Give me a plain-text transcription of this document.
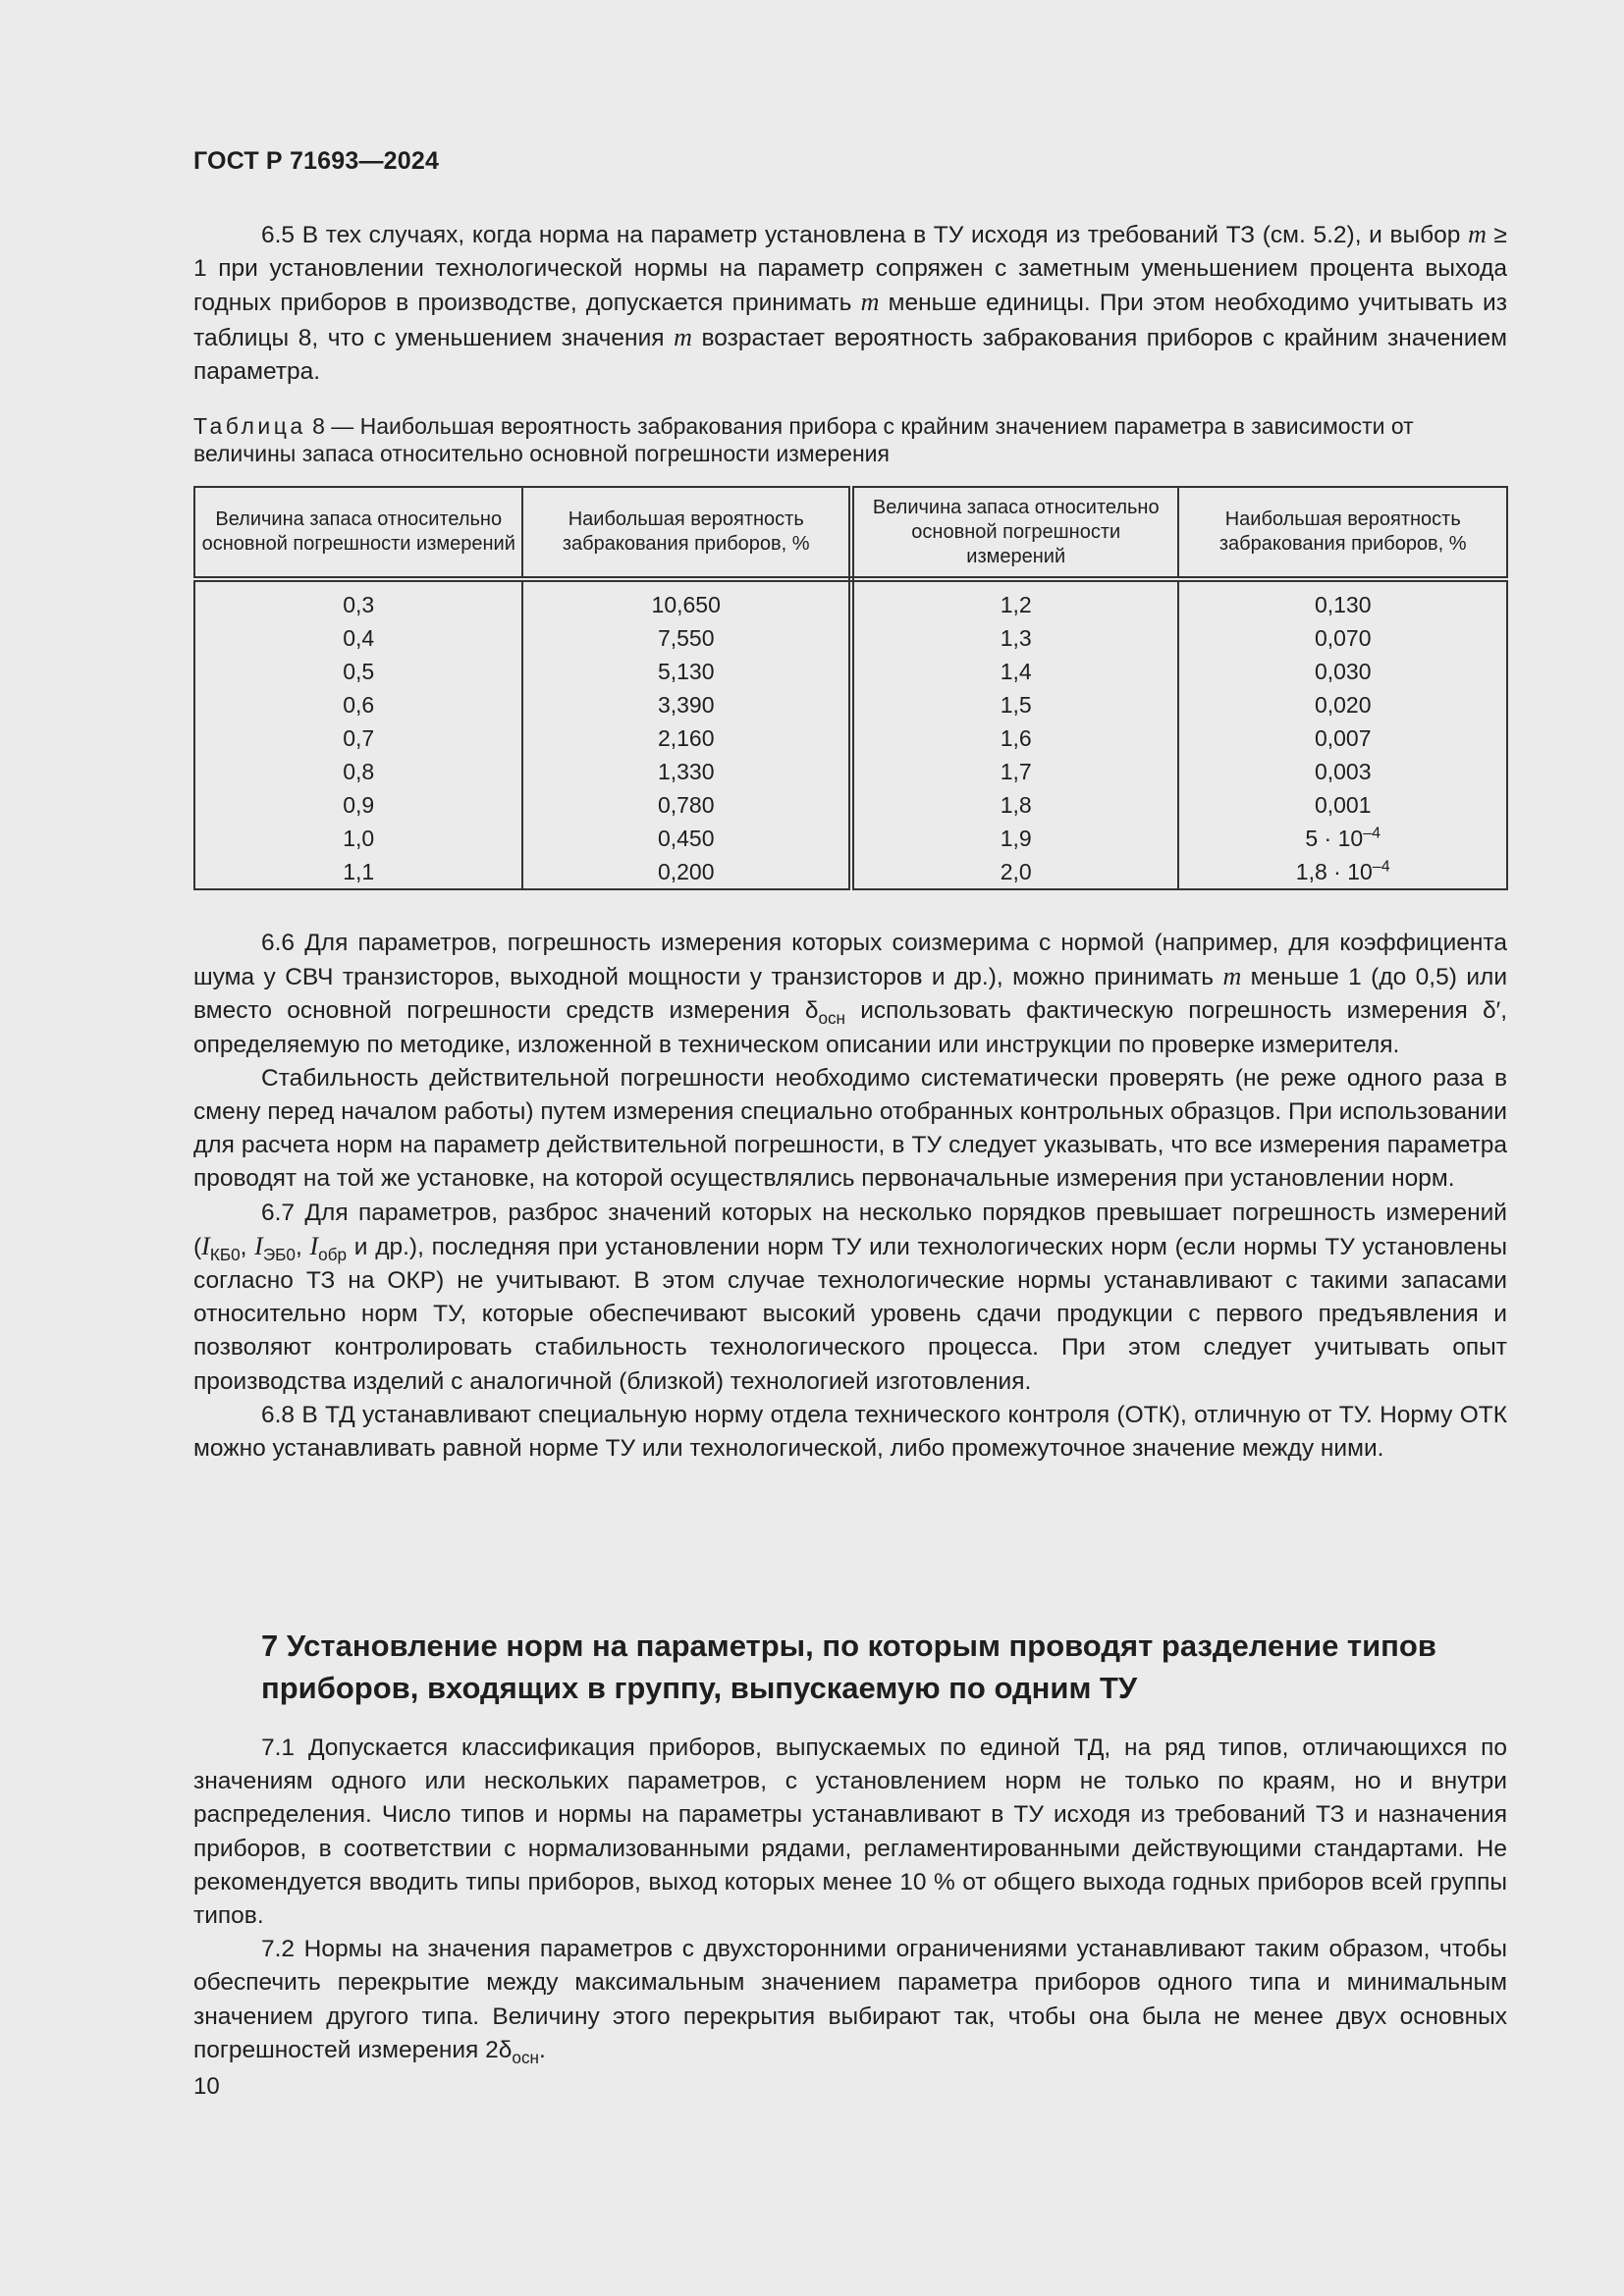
ГОСТ Р 71693—2024

6.5 В тех случаях, когда норма на параметр установлена в ТУ исходя из требований ТЗ (см. 5.2), и выбор m ≥ 1 при установлении технологической нормы на параметр сопряжен с заметным уменьшением процента выхода годных приборов в производстве, допускается принимать m меньше единицы. При этом необходимо учитывать из таблицы 8, что с уменьшением значения m возрастает вероятность забракования приборов с крайним значением параметра.

Таблица 8 — Наибольшая вероятность забракования прибора с крайним значением параметра в зависимости от величины запаса относительно основной погрешности измерения
Величина запаса относительно основной погрешности измерений	Наибольшая вероятность забракования приборов, %	Величина запаса относительно основной погрешности измерений	Наибольшая вероятность забракования приборов, %
0,3	10,650	1,2	0,130
0,4	7,550	1,3	0,070
0,5	5,130	1,4	0,030
0,6	3,390	1,5	0,020
0,7	2,160	1,6	0,007
0,8	1,330	1,7	0,003
0,9	0,780	1,8	0,001
1,0	0,450	1,9	$5 \cdot 10^{-4}$
1,1	0,200	2,0	$1,8 \cdot 10^{-4}$

6.6 Для параметров, погрешность измерения которых соизмерима с нормой (например, для коэффициента шума у СВЧ транзисторов, выходной мощности у транзисторов и др.), можно принимать m меньше 1 (до 0,5) или вместо основной погрешности средств измерения $\delta_{осн}$ использовать фактическую погрешность измерения δ′, определяемую по методике, изложенной в техническом описании или инструкции по проверке измерителя.

Стабильность действительной погрешности необходимо систематически проверять (не реже одного раза в смену перед началом работы) путем измерения специально отобранных контрольных образцов. При использовании для расчета норм на параметр действительной погрешности, в ТУ следует указывать, что все измерения параметра проводят на той же установке, на которой осуществлялись первоначальные измерения при установлении норм.

6.7 Для параметров, разброс значений которых на несколько порядков превышает погрешность измерений ($I_{КБ0}$, $I_{ЭБ0}$, $I_{обр}$ и др.), последняя при установлении норм ТУ или технологических норм (если нормы ТУ установлены согласно ТЗ на ОКР) не учитывают. В этом случае технологические нормы устанавливают с такими запасами относительно норм ТУ, которые обеспечивают высокий уровень сдачи продукции с первого предъявления и позволяют контролировать стабильность технологического процесса. При этом следует учитывать опыт производства изделий с аналогичной (близкой) технологией изготовления.

6.8 В ТД устанавливают специальную норму отдела технического контроля (ОТК), отличную от ТУ. Норму ОТК можно устанавливать равной норме ТУ или технологической, либо промежуточное значение между ними.

7 Установление норм на параметры, по которым проводят разделение типов приборов, входящих в группу, выпускаемую по одним ТУ

7.1 Допускается классификация приборов, выпускаемых по единой ТД, на ряд типов, отличающихся по значениям одного или нескольких параметров, с установлением норм не только по краям, но и внутри распределения. Число типов и нормы на параметры устанавливают в ТУ исходя из требований ТЗ и назначения приборов, в соответствии с нормализованными рядами, регламентированными действующими стандартами. Не рекомендуется вводить типы приборов, выход которых менее 10 % от общего выхода годных приборов всей группы типов.

7.2 Нормы на значения параметров с двухсторонними ограничениями устанавливают таким образом, чтобы обеспечить перекрытие между максимальным значением параметра приборов одного типа и минимальным значением другого типа. Величину этого перекрытия выбирают так, чтобы она была не менее двух основных погрешностей измерения $2\delta_{осн}$.

10
